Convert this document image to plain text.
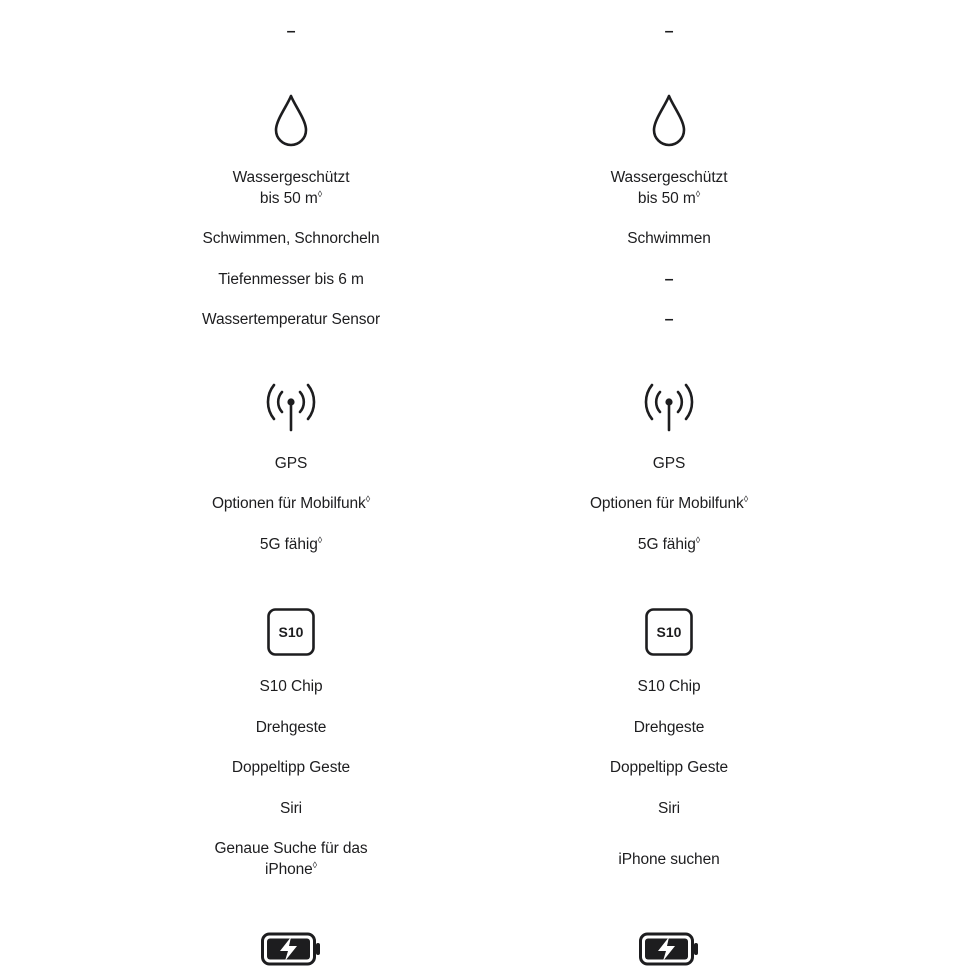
–
Wassergeschützt
bis 50 m◊
Schwimmen, Schnorcheln
Tiefenmesser bis 6 m
Wassertemperatur Sensor
GPS
Optionen für Mobilfunk◊
5G fähig◊
S10
S10 Chip
Drehgeste
Doppeltipp Geste
Siri
Genaue Suche für das
iPhone◊
–
Wassergeschützt
bis 50 m◊
Schwimmen
–
–
GPS
Optionen für Mobilfunk◊
5G fähig◊
S10
S10 Chip
Drehgeste
Doppeltipp Geste
Siri
iPhone suchen
